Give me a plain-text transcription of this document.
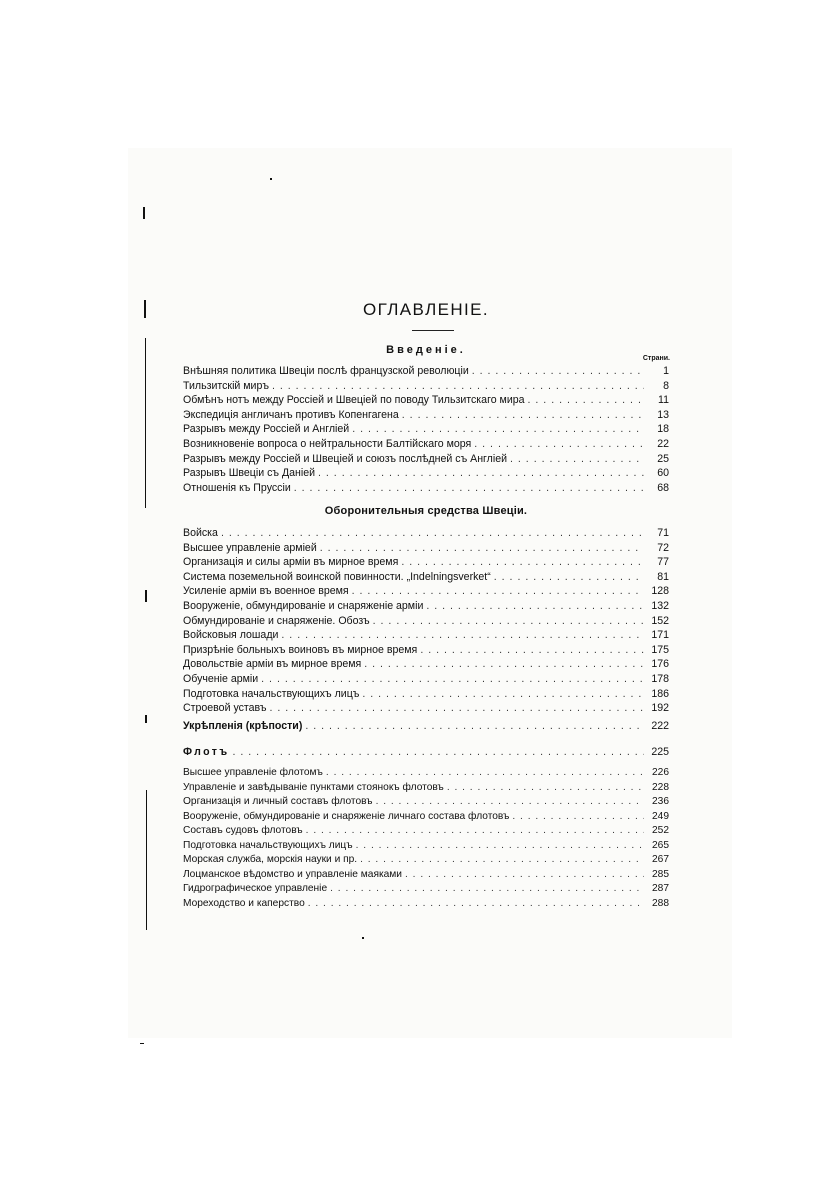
ОГЛАВЛЕНІЕ.
Введеніе.
Страни.
Внѣшняя политика Швеціи послѣ французской революціи . . .	1
Тильзитскій миръ . . .	8
Обмѣнъ нотъ между Россіей и Швеціей по поводу Тильзитскаго мира . . .	11
Экспедиція англичанъ противъ Копенгагена . . .	13
Разрывъ между Россіей и Англіей . . .	18
Возникновеніе вопроса о нейтральности Балтійскаго моря . . .	22
Разрывъ между Россіей и Швеціей и союзъ послѣдней съ Англіей . . .	25
Разрывъ Швеціи съ Даніей . . .	60
Отношенія къ Пруссіи . . .	68
Оборонительныя средства Швеціи.
Войска . . .	71
Высшее управленіе арміей . . .	72
Организація и силы арміи въ мирное время . . .	77
Система поземельной воинской повинности. „Indelningsverket“ . . .	81
Усиленіе арміи въ военное время . . .	128
Вооруженіе, обмундированіе и снаряженіе арміи . . .	132
Обмундированіе и снаряженіе. Обозъ . . .	152
Войсковыя лошади . . .	171
Призрѣніе больныхъ воиновъ въ мирное время . . .	175
Довольствіе арміи въ мирное время . . .	176
Обученіе арміи . . .	178
Подготовка начальствующихъ лицъ . . .	186
Строевой уставъ . . .	192
Укрѣпленія (крѣпости) . . .	222
Флотъ . . .	225
Высшее управленіе флотомъ . . .	226
Управленіе и завѣдываніе пунктами стоянокъ флотовъ . . .	228
Организація и личный составъ флотовъ . . .	236
Вооруженіе, обмундированіе и снаряженіе личнаго состава флотовъ . . .	249
Составъ судовъ флотовъ . . .	252
Подготовка начальствующихъ лицъ . . .	265
Морская служба, морскія науки и пр. . . .	267
Лоцманское вѣдомство и управленіе маяками . . .	285
Гидрографическое управленіе . . .	287
Мореходство и каперство . . .	288
